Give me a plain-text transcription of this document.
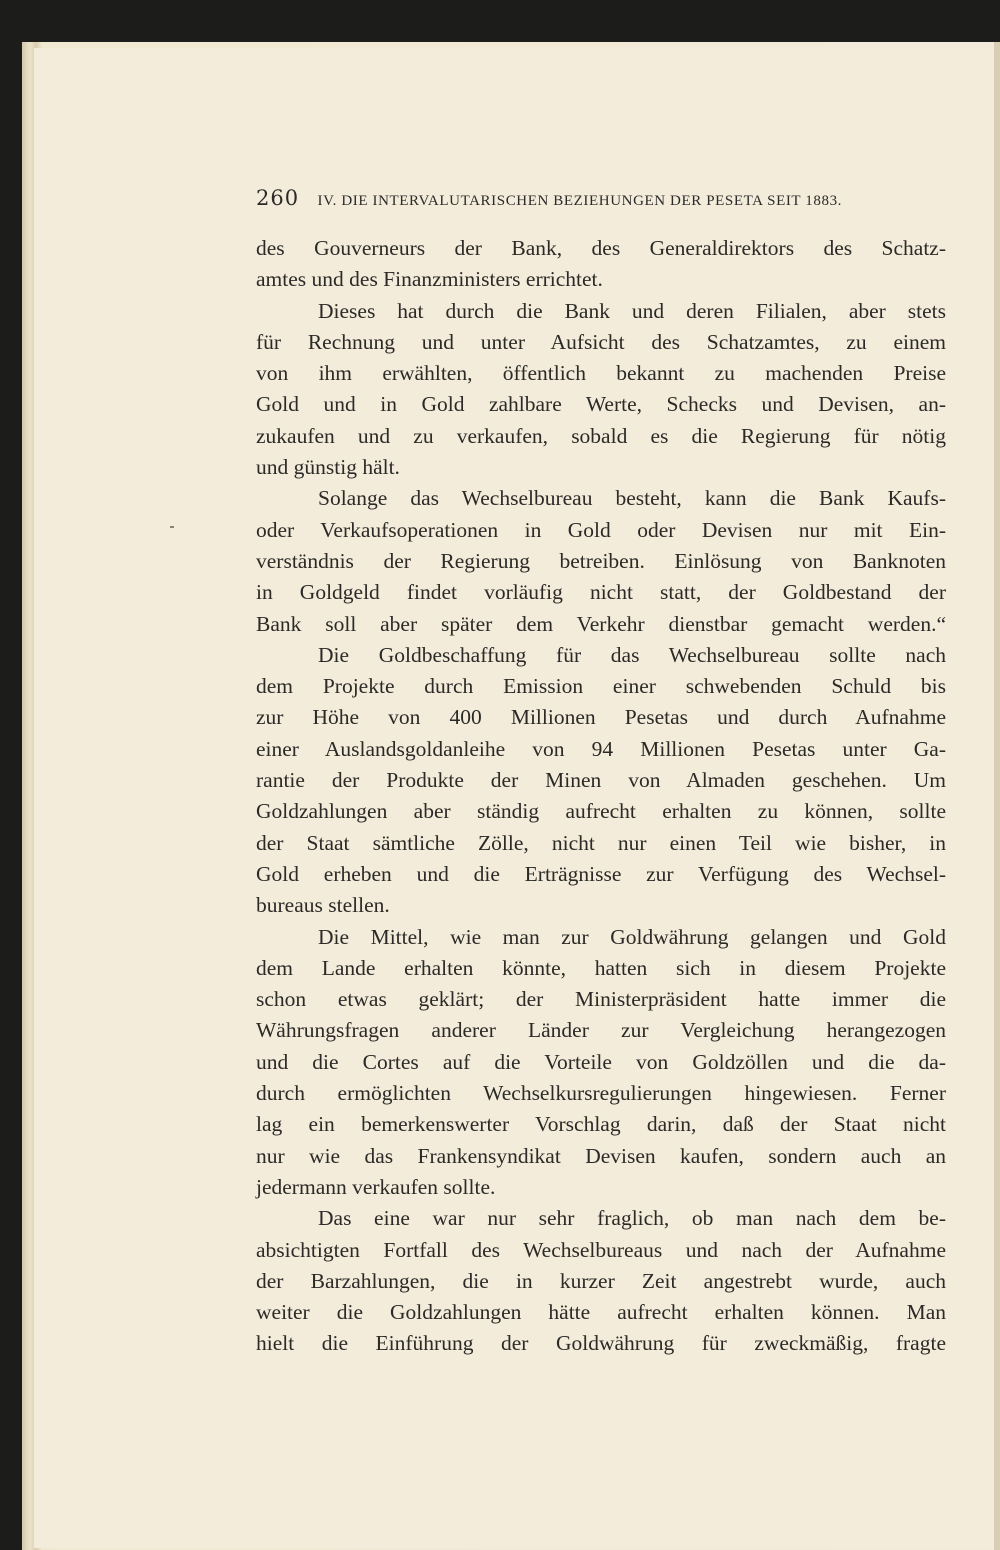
260 IV. DIE INTERVALUTARISCHEN BEZIEHUNGEN DER PESETA SEIT 1883.
des Gouverneurs der Bank, des Generaldirektors des Schatz-
amtes und des Finanzministers errichtet.
Dieses hat durch die Bank und deren Filialen, aber stets
für Rechnung und unter Aufsicht des Schatzamtes, zu einem
von ihm erwählten, öffentlich bekannt zu machenden Preise
Gold und in Gold zahlbare Werte, Schecks und Devisen, an-
zukaufen und zu verkaufen, sobald es die Regierung für nötig
und günstig hält.
Solange das Wechselbureau besteht, kann die Bank Kaufs-
oder Verkaufsoperationen in Gold oder Devisen nur mit Ein-
verständnis der Regierung betreiben. Einlösung von Banknoten
in Goldgeld findet vorläufig nicht statt, der Goldbestand der
Bank soll aber später dem Verkehr dienstbar gemacht werden.“
Die Goldbeschaffung für das Wechselbureau sollte nach
dem Projekte durch Emission einer schwebenden Schuld bis
zur Höhe von 400 Millionen Pesetas und durch Aufnahme
einer Auslandsgoldanleihe von 94 Millionen Pesetas unter Ga-
rantie der Produkte der Minen von Almaden geschehen. Um
Goldzahlungen aber ständig aufrecht erhalten zu können, sollte
der Staat sämtliche Zölle, nicht nur einen Teil wie bisher, in
Gold erheben und die Erträgnisse zur Verfügung des Wechsel-
bureaus stellen.
Die Mittel, wie man zur Goldwährung gelangen und Gold
dem Lande erhalten könnte, hatten sich in diesem Projekte
schon etwas geklärt; der Ministerpräsident hatte immer die
Währungsfragen anderer Länder zur Vergleichung herangezogen
und die Cortes auf die Vorteile von Goldzöllen und die da-
durch ermöglichten Wechselkursregulierungen hingewiesen. Ferner
lag ein bemerkenswerter Vorschlag darin, daß der Staat nicht
nur wie das Frankensyndikat Devisen kaufen, sondern auch an
jedermann verkaufen sollte.
Das eine war nur sehr fraglich, ob man nach dem be-
absichtigten Fortfall des Wechselbureaus und nach der Aufnahme
der Barzahlungen, die in kurzer Zeit angestrebt wurde, auch
weiter die Goldzahlungen hätte aufrecht erhalten können. Man
hielt die Einführung der Goldwährung für zweckmäßig, fragte
